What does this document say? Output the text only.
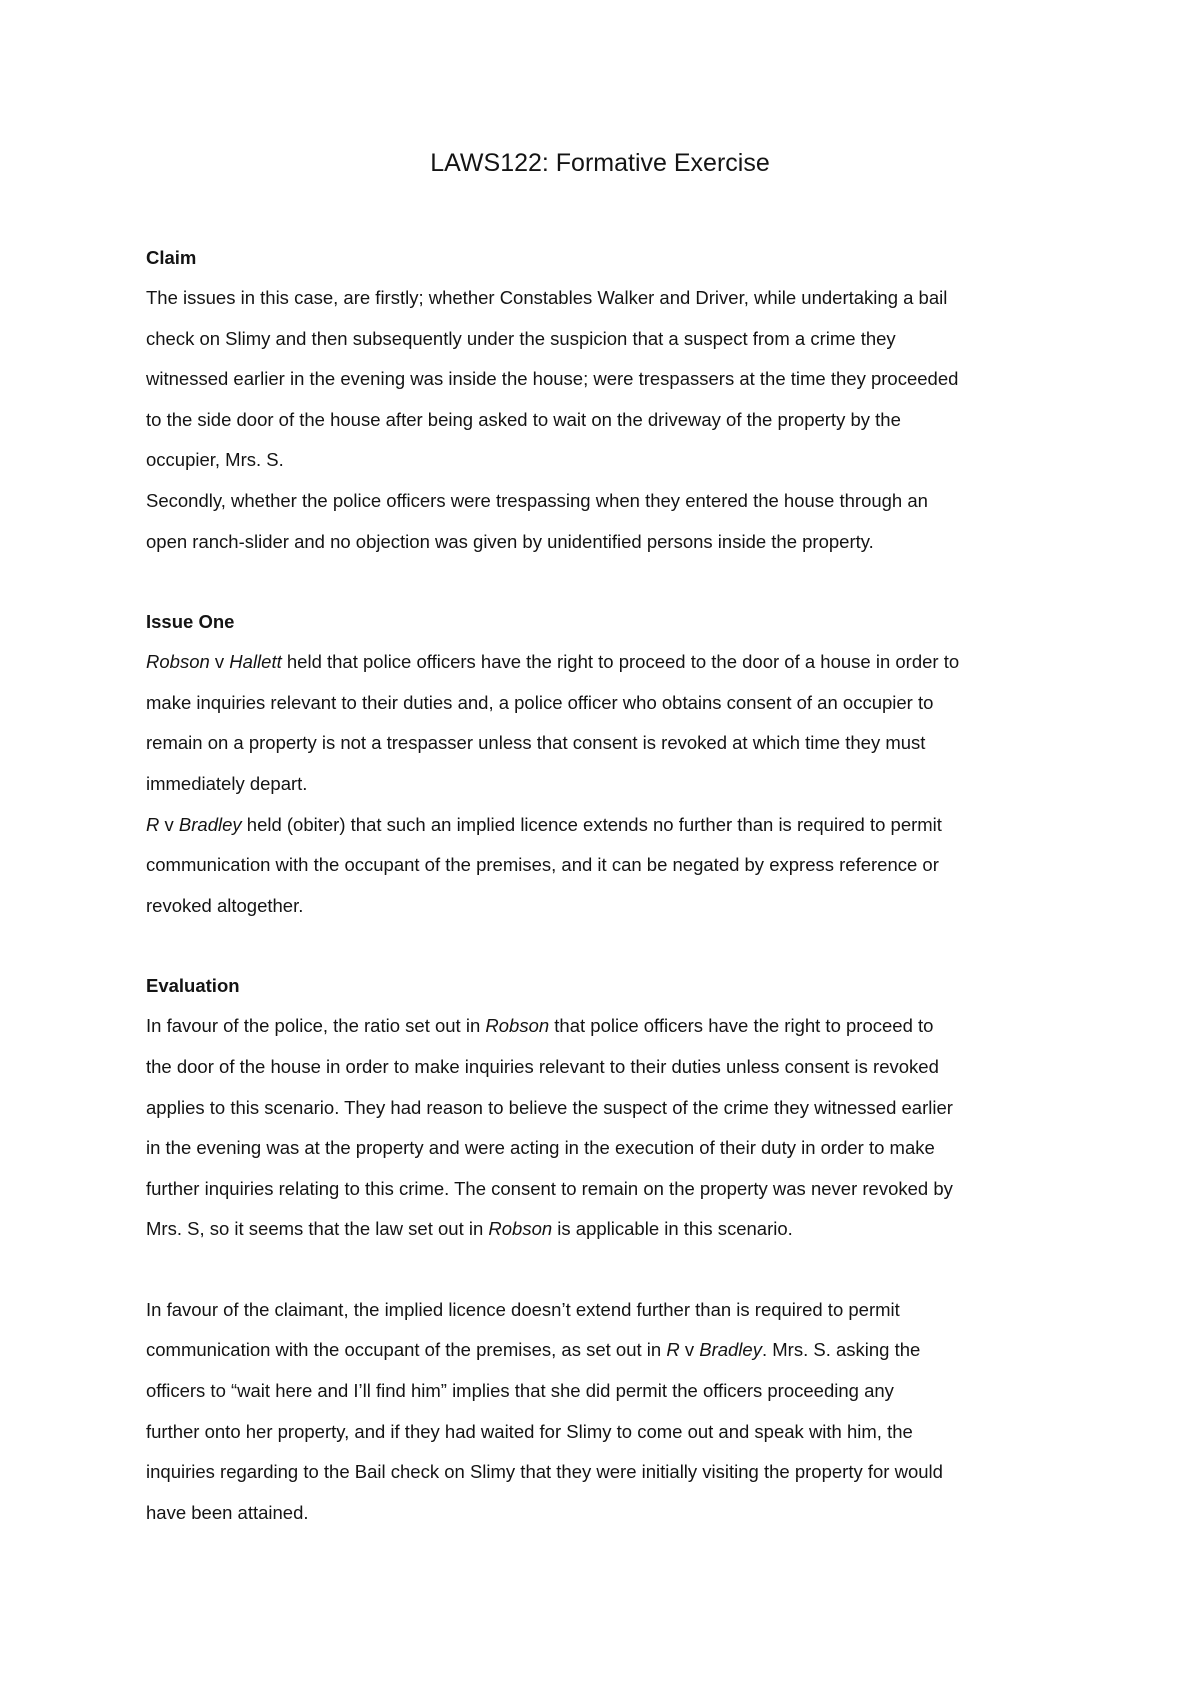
LAWS122: Formative Exercise
Claim

The issues in this case, are firstly; whether Constables Walker and Driver, while undertaking a bail
check on Slimy and then subsequently under the suspicion that a suspect from a crime they
witnessed earlier in the evening was inside the house; were trespassers at the time they proceeded
to the side door of the house after being asked to wait on the driveway of the property by the
occupier, Mrs. S.

Secondly, whether the police officers were trespassing when they entered the house through an
open ranch-slider and no objection was given by unidentified persons inside the property.

Issue One

Robson v Hallett held that police officers have the right to proceed to the door of a house in order to
make inquiries relevant to their duties and, a police officer who obtains consent of an occupier to
remain on a property is not a trespasser unless that consent is revoked at which time they must
immediately depart.

R v Bradley held (obiter) that such an implied licence extends no further than is required to permit
communication with the occupant of the premises, and it can be negated by express reference or
revoked altogether.

Evaluation

In favour of the police, the ratio set out in Robson that police officers have the right to proceed to
the door of the house in order to make inquiries relevant to their duties unless consent is revoked
applies to this scenario. They had reason to believe the suspect of the crime they witnessed earlier
in the evening was at the property and were acting in the execution of their duty in order to make
further inquiries relating to this crime. The consent to remain on the property was never revoked by
Mrs. S, so it seems that the law set out in Robson is applicable in this scenario.

In favour of the claimant, the implied licence doesn’t extend further than is required to permit
communication with the occupant of the premises, as set out in R v Bradley. Mrs. S. asking the
officers to “wait here and I’ll find him” implies that she did permit the officers proceeding any
further onto her property, and if they had waited for Slimy to come out and speak with him, the
inquiries regarding to the Bail check on Slimy that they were initially visiting the property for would
have been attained.
